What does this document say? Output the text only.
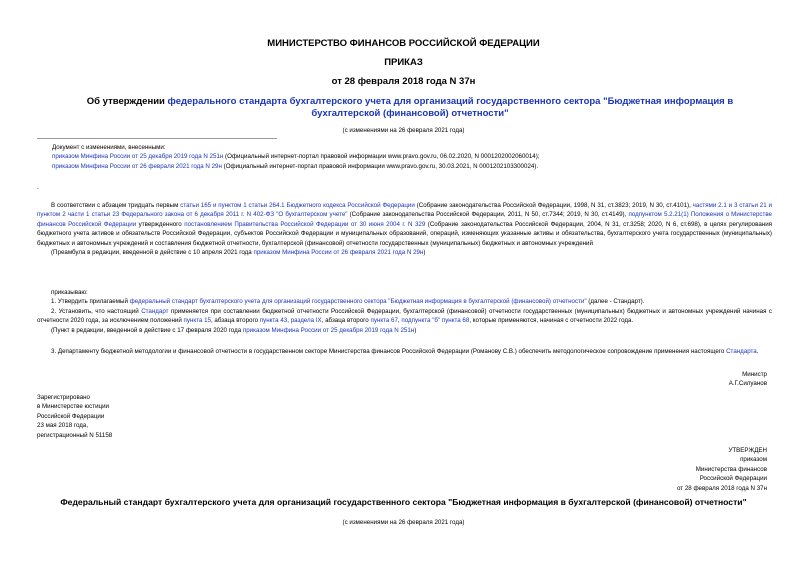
МИНИСТЕРСТВО ФИНАНСОВ РОССИЙСКОЙ ФЕДЕРАЦИИ
ПРИКАЗ
от 28 февраля 2018 года N 37н
Об утверждении федерального стандарта бухгалтерского учета для организаций государственного сектора "Бюджетная информация в бухгалтерской (финансовой) отчетности"
(с изменениями на 26 февраля 2021 года)

Документ с изменениями, внесенными:

приказом Минфина России от 25 декабря 2019 года N 251н (Официальный интернет-портал правовой информации www.pravo.gov.ru, 06.02.2020, N 0001202002060014);

приказом Минфина России от 26 февраля 2021 года N 29н (Официальный интернет-портал правовой информации www.pravo.gov.ru, 30.03.2021, N 0001202103300024).

.

В соответствии с абзацем тридцать первым статьи 165 и пунктом 1 статьи 264.1 Бюджетного кодекса Российской Федерации (Собрание законодательства Российской Федерации, 1998, N 31, ст.3823; 2019, N 30, ст.4101), частями 2.1 и 3 статьи 21 и пунктом 2 части 1 статьи 23 Федерального закона от 6 декабря 2011 г. N 402-ФЗ "О бухгалтерском учете" (Собрание законодательства Российской Федерации, 2011, N 50, ст.7344; 2019, N 30, ст.4149), подпунктом 5.2.21(1) Положения о Министерстве финансов Российской Федерации утвержденного постановлением Правительства Российской Федерации от 30 июня 2004 г. N 329 (Собрание законодательства Российской Федерации, 2004, N 31, ст.3258; 2020, N 6, ст.698), в целях регулирования бюджетного учета активов и обязательств Российской Федерации, субъектов Российской Федерации и муниципальных образований, операций, изменяющих указанные активы и обязательства, бухгалтерского учета государственных (муниципальных) бюджетных и автономных учреждений и составления бюджетной отчетности, бухгалтерской (финансовой) отчетности государственных (муниципальных) бюджетных и автономных учреждений

(Преамбула в редакции, введенной в действие с 10 апреля 2021 года приказом Минфина России от 26 февраля 2021 года N 29н)

приказываю:

1. Утвердить прилагаемый федеральный стандарт бухгалтерского учета для организаций государственного сектора "Бюджетная информация в бухгалтерской (финансовой) отчетности" (далее - Стандарт).

2. Установить, что настоящий Стандарт применяется при составлении бюджетной отчетности Российской Федерации, бухгалтерской (финансовой) отчетности государственных (муниципальных) бюджетных и автономных учреждений начиная с отчетности 2020 года, за исключением положений пункта 15, абзаца второго пункта 43, раздела IX, абзаца второго пункта 67, подпункта "б" пункта 68, которые применяются, начиная с отчетности 2022 года.

(Пункт в редакции, введенной в действие с 17 февраля 2020 года приказом Минфина России от 25 декабря 2019 года N 251н)

3. Департаменту бюджетной методологии и финансовой отчетности в государственном секторе Министерства финансов Российской Федерации (Романову С.В.) обеспечить методологическое сопровождение применения настоящего Стандарта.

Министр

А.Г.Силуанов

Зарегистрировано

в Министерстве юстиции

Российской Федерации

23 мая 2018 года,

регистрационный N 51158

УТВЕРЖДЕН

приказом

Министерства финансов

Российской Федерации

от 28 февраля 2018 года N 37н

Федеральный стандарт бухгалтерского учета для организаций государственного сектора "Бюджетная информация в бухгалтерской (финансовой) отчетности"
(с изменениями на 26 февраля 2021 года)
